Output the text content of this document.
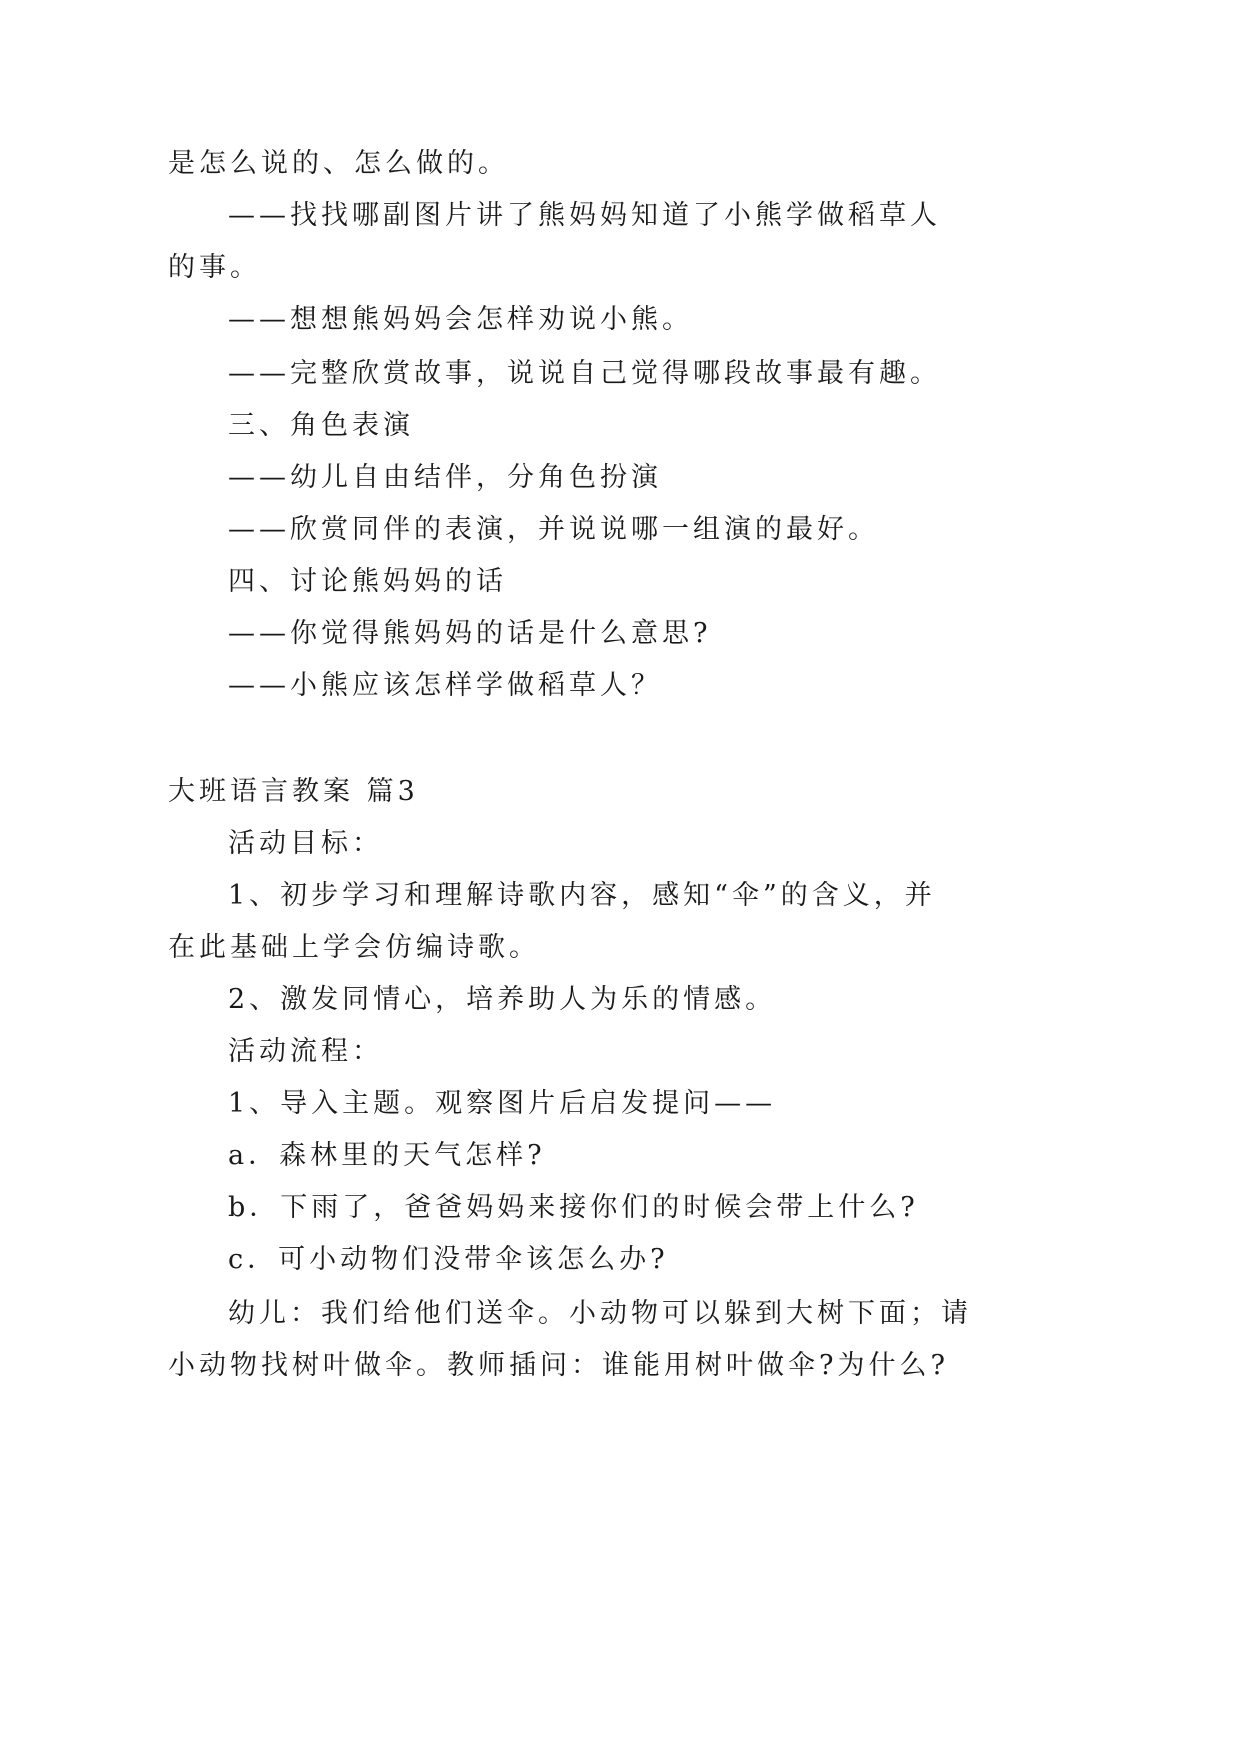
是怎么说的、怎么做的。

——找找哪副图片讲了熊妈妈知道了小熊学做稻草人

的事。

——想想熊妈妈会怎样劝说小熊。

——完整欣赏故事，说说自己觉得哪段故事最有趣。

三、角色表演

——幼儿自由结伴，分角色扮演

——欣赏同伴的表演，并说说哪一组演的最好。

四、讨论熊妈妈的话

——你觉得熊妈妈的话是什么意思?

——小熊应该怎样学做稻草人？

大班语言教案 篇3

活动目标：

1、初步学习和理解诗歌内容，感知“伞”的含义，并

在此基础上学会仿编诗歌。

2、激发同情心，培养助人为乐的情感。

活动流程：

1、导入主题。观察图片后启发提问——

a．森林里的天气怎样?

b．下雨了，爸爸妈妈来接你们的时候会带上什么?

c．可小动物们没带伞该怎么办?

幼儿：我们给他们送伞。小动物可以躲到大树下面；请

小动物找树叶做伞。教师插问：谁能用树叶做伞?为什么?
